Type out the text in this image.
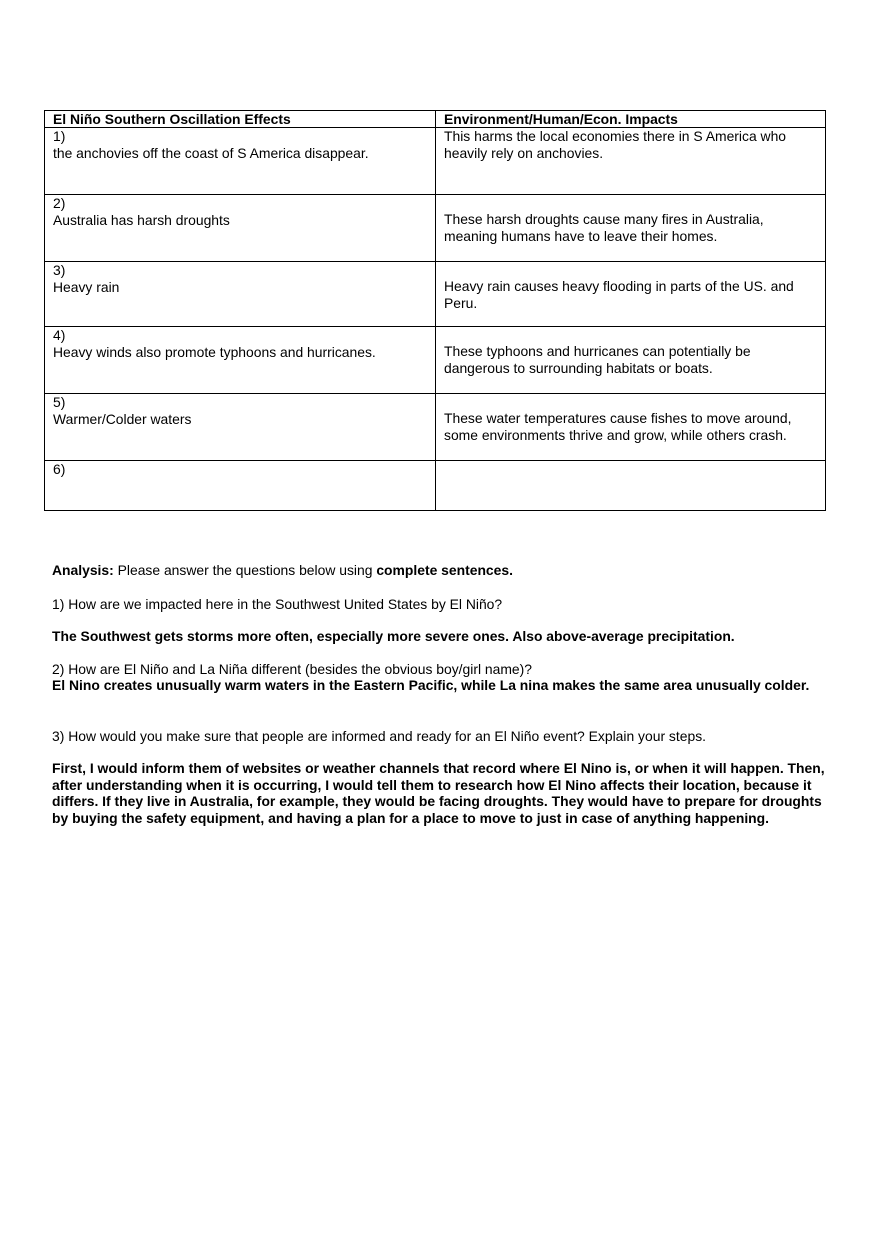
El Niño Southern Oscillation Effects	Environment/Human/Econ. Impacts

1)
the anchovies off the coast of S America disappear.	This harms the local economies there in S America who heavily rely on anchovies.

2)
Australia has harsh droughts	These harsh droughts cause many fires in Australia, meaning humans have to leave their homes.

3)
Heavy rain	Heavy rain causes heavy flooding in parts of the US. and Peru.

4)
Heavy winds also promote typhoons and hurricanes.	These typhoons and hurricanes can potentially be dangerous to surrounding habitats or boats.

5)
Warmer/Colder waters	These water temperatures cause fishes to move around, some environments thrive and grow, while others crash.

6)	

Analysis: Please answer the questions below using complete sentences.

1) How are we impacted here in the Southwest United States by El Niño?

The Southwest gets storms more often, especially more severe ones. Also above-average precipitation.

2) How are El Niño and La Niña different (besides the obvious boy/girl name)?

El Nino creates unusually warm waters in the Eastern Pacific, while La nina makes the same area unusually colder.

3) How would you make sure that people are informed and ready for an El Niño event? Explain your steps.

First, I would inform them of websites or weather channels that record where El Nino is, or when it will happen. Then, after understanding when it is occurring, I would tell them to research how El Nino affects their location, because it differs. If they live in Australia, for example, they would be facing droughts. They would have to prepare for droughts by buying the safety equipment, and having a plan for a place to move to just in case of anything happening.
